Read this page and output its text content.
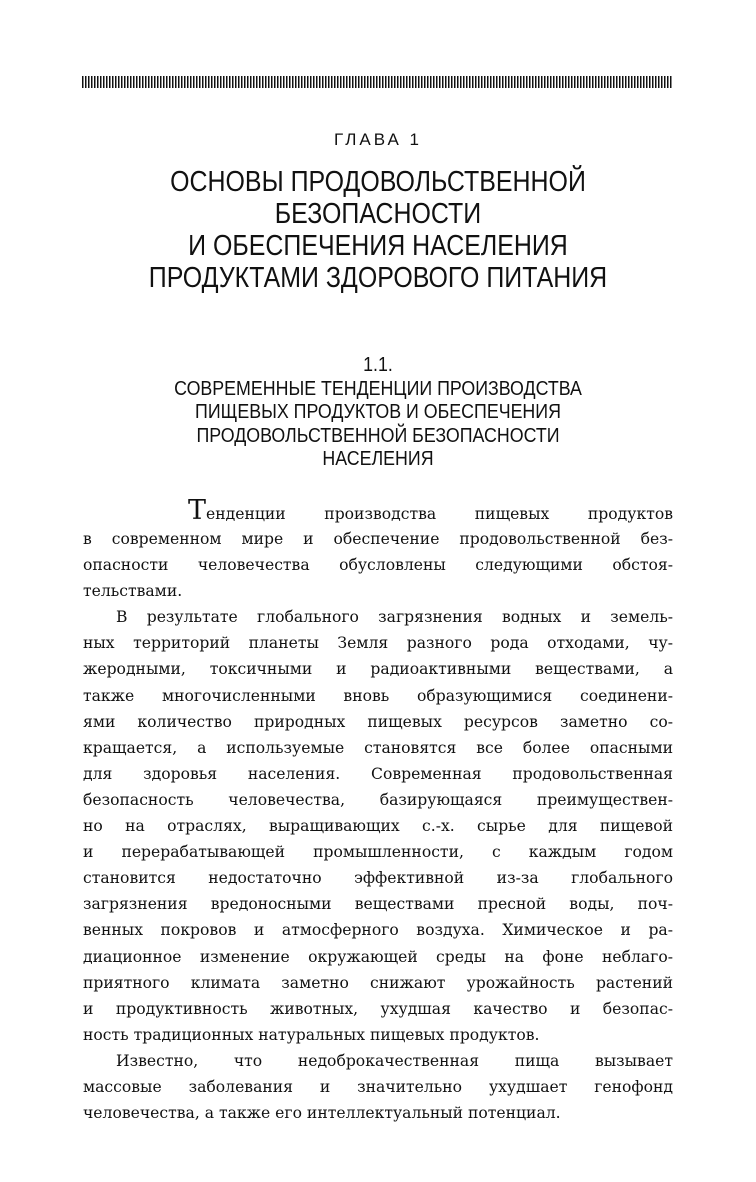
ГЛАВА 1
ОСНОВЫ ПРОДОВОЛЬСТВЕННОЙ
БЕЗОПАСНОСТИ
И ОБЕСПЕЧЕНИЯ НАСЕЛЕНИЯ
ПРОДУКТАМИ ЗДОРОВОГО ПИТАНИЯ
1.1.
СОВРЕМЕННЫЕ ТЕНДЕНЦИИ ПРОИЗВОДСТВА
ПИЩЕВЫХ ПРОДУКТОВ И ОБЕСПЕЧЕНИЯ
ПРОДОВОЛЬСТВЕННОЙ БЕЗОПАСНОСТИ
НАСЕЛЕНИЯ
Тенденции производства пищевых продуктов
в современном мире и обеспечение продовольственной без-
опасности человечества обусловлены следующими обстоя-
тельствами.
В результате глобального загрязнения водных и земель-
ных территорий планеты Земля разного рода отходами, чу-
жеродными, токсичными и радиоактивными веществами, а
также многочисленными вновь образующимися соединени-
ями количество природных пищевых ресурсов заметно со-
кращается, а используемые становятся все более опасными
для здоровья населения. Современная продовольственная
безопасность человечества, базирующаяся преимуществен-
но на отраслях, выращивающих с.-х. сырье для пищевой
и перерабатывающей промышленности, с каждым годом
становится недостаточно эффективной из-за глобального
загрязнения вредоносными веществами пресной воды, поч-
венных покровов и атмосферного воздуха. Химическое и ра-
диационное изменение окружающей среды на фоне неблаго-
приятного климата заметно снижают урожайность растений
и продуктивность животных, ухудшая качество и безопас-
ность традиционных натуральных пищевых продуктов.
Известно, что недоброкачественная пища вызывает
массовые заболевания и значительно ухудшает генофонд
человечества, а также его интеллектуальный потенциал.
